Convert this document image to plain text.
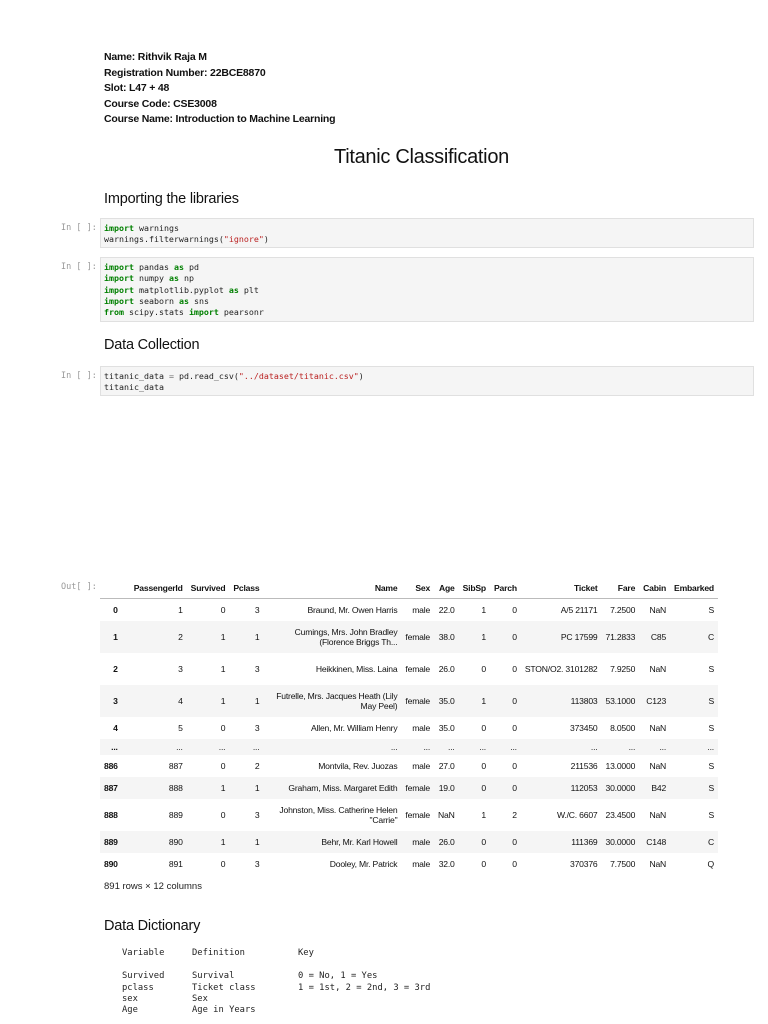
Name: Rithvik Raja M
Registration Number: 22BCE8870
Slot: L47 + 48
Course Code: CSE3008
Course Name: Introduction to Machine Learning
Titanic Classification
Importing the libraries
In [ ]: import warnings
warnings.filterwarnings("ignore")
In [ ]: import pandas as pd
import numpy as np
import matplotlib.pyplot as plt
import seaborn as sns
from scipy.stats import pearsonr
Data Collection
In [ ]: titanic_data = pd.read_csv("../dataset/titanic.csv")
titanic_data
Out[ ]:
		PassengerId	Survived	Pclass	Name	Sex	Age	SibSp	Parch	Ticket	Fare	Cabin	Embarked
0	1	0	3	Braund, Mr. Owen Harris	male	22.0	1	0	A/5 21171	7.2500	NaN	S
1	2	1	1	Cumings, Mrs. John Bradley (Florence Briggs Th...	female	38.0	1	0	PC 17599	71.2833	C85	C
2	3	1	3	Heikkinen, Miss. Laina	female	26.0	0	0	STON/O2. 3101282	7.9250	NaN	S
3	4	1	1	Futrelle, Mrs. Jacques Heath (Lily May Peel)	female	35.0	1	0	113803	53.1000	C123	S
4	5	0	3	Allen, Mr. William Henry	male	35.0	0	0	373450	8.0500	NaN	S
...	...	...	...	...	...	...	...	...	...	...	...	...
886	887	0	2	Montvila, Rev. Juozas	male	27.0	0	0	211536	13.0000	NaN	S
887	888	1	1	Graham, Miss. Margaret Edith	female	19.0	0	0	112053	30.0000	B42	S
888	889	0	3	Johnston, Miss. Catherine Helen "Carrie"	female	NaN	1	2	W./C. 6607	23.4500	NaN	S
889	890	1	1	Behr, Mr. Karl Howell	male	26.0	0	0	111369	30.0000	C148	C
890	891	0	3	Dooley, Mr. Patrick	male	32.0	0	0	370376	7.7500	NaN	Q
891 rows × 12 columns
Data Dictionary
Variable	Definition	Key
Survived	Survival	0 = No, 1 = Yes
pclass	Ticket class	1 = 1st, 2 = 2nd, 3 = 3rd
sex	Sex
Age	Age in Years
